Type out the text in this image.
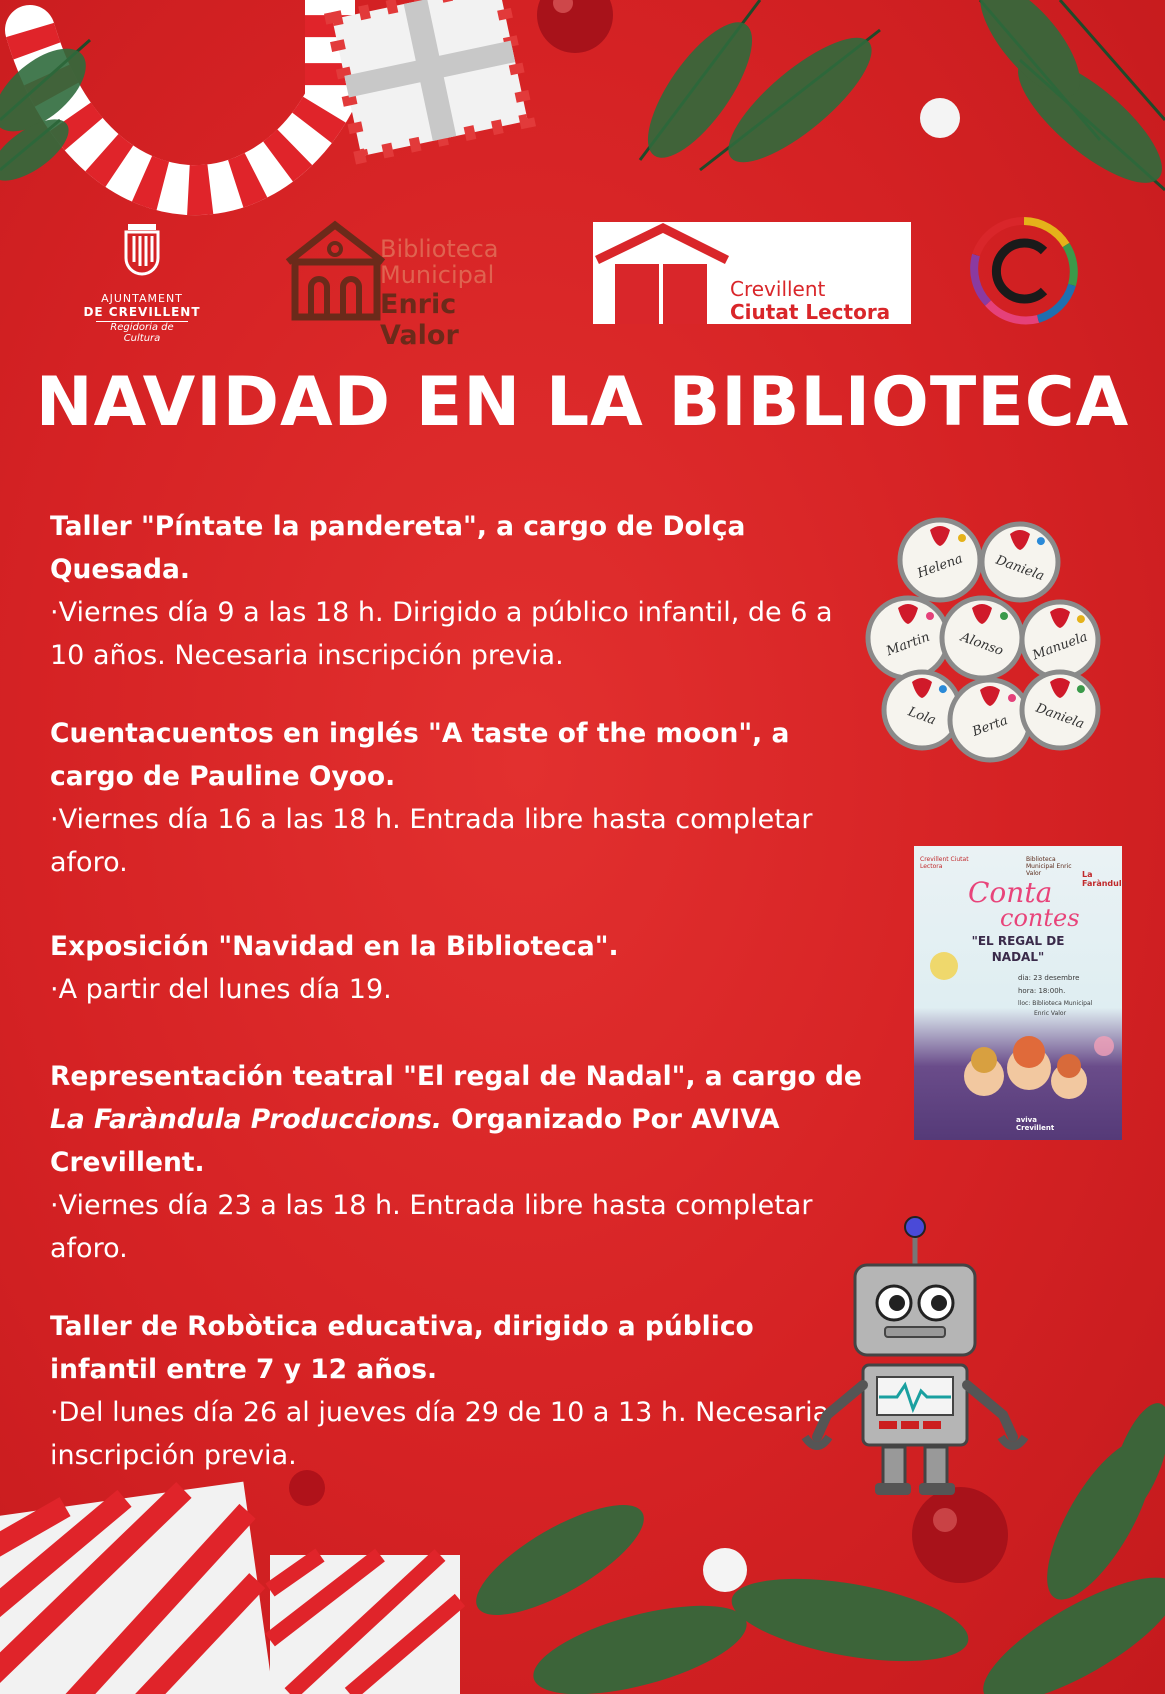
AJUNTAMENT
DE CREVILLENT
Regidoria de Cultura
Biblioteca
Municipal
Enric Valor
Crevillent
Ciutat Lectora
NAVIDAD EN LA BIBLIOTECA
Taller "Píntate la pandereta", a cargo de Dolça Quesada.
·Viernes día 9 a las 18 h. Dirigido a público infantil, de 6 a 10 años. Necesaria inscripción previa.
Cuentacuentos en inglés "A taste of the moon", a cargo de Pauline Oyoo.
·Viernes día 16 a las 18 h. Entrada libre hasta completar aforo.
Exposición "Navidad en la Biblioteca".
·A partir del lunes día 19.
Representación teatral "El regal de Nadal", a cargo de La Faràndula Produccions. Organizado Por AVIVA Crevillent.
·Viernes día 23 a las 18 h. Entrada libre hasta completar aforo.
Taller de Robòtica educativa, dirigido a público infantil entre 7 y 12 años.
·Del lunes día 26 al jueves día 29 de 10 a 13 h. Necesaria inscripción previa.
Helena Daniela
Martin Alonso Manuela
Lola	Berta Daniela
Crevillent Ciutat Lectora
Biblioteca Municipal Enric Valor	La Faràndula
Conta
contes
"EL REGAL DE
NADAL"
dia: 23 desembre
hora: 18:00h.
lloc: Biblioteca Municipal
Enric Valor
aviva Crevillent
